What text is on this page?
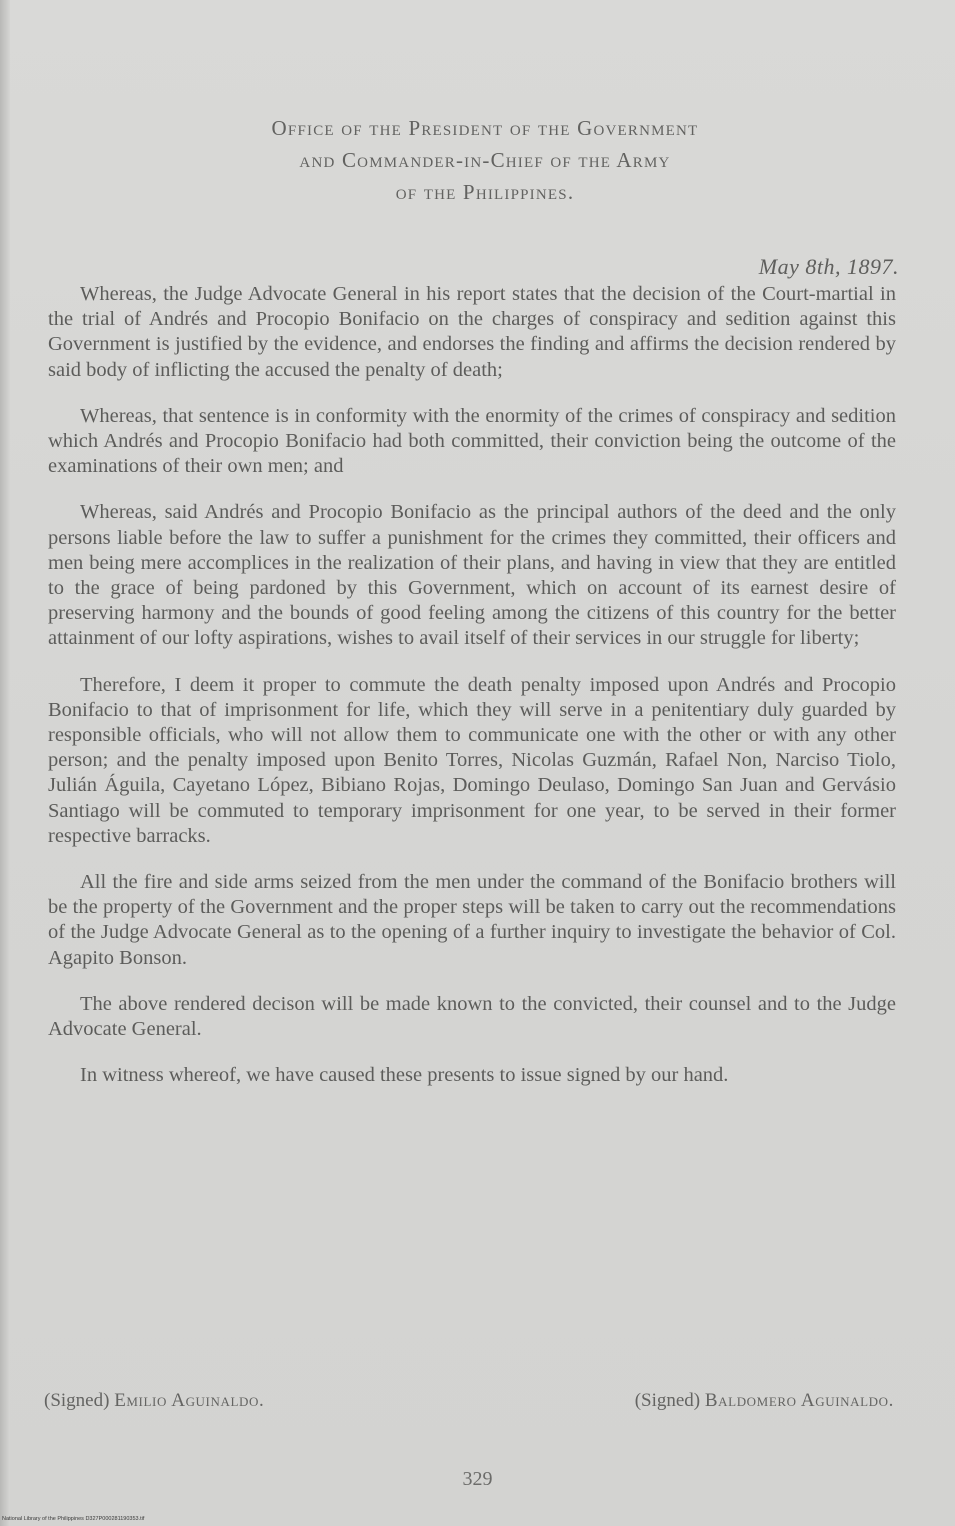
Office of the President of the Government
and Commander-in-Chief of the Army
of the Philippines.
May 8th, 1897.

Whereas, the Judge Advocate General in his report states that the decision of the Court-martial in the trial of Andrés and Procopio Bonifacio on the charges of conspiracy and sedition against this Government is justified by the evidence, and endorses the finding and affirms the decision rendered by said body of inflicting the accused the penalty of death;

Whereas, that sentence is in conformity with the enormity of the crimes of conspiracy and sedition which Andrés and Procopio Bonifacio had both committed, their conviction being the outcome of the examinations of their own men; and

Whereas, said Andrés and Procopio Bonifacio as the principal authors of the deed and the only persons liable before the law to suffer a punishment for the crimes they committed, their officers and men being mere accomplices in the realization of their plans, and having in view that they are entitled to the grace of being pardoned by this Government, which on account of its earnest desire of preserving harmony and the bounds of good feeling among the citizens of this country for the better attainment of our lofty aspirations, wishes to avail itself of their services in our struggle for liberty;

Therefore, I deem it proper to commute the death penalty imposed upon Andrés and Procopio Bonifacio to that of imprisonment for life, which they will serve in a penitentiary duly guarded by responsible officials, who will not allow them to communicate one with the other or with any other person; and the penalty imposed upon Benito Torres, Nicolas Guzmán, Rafael Non, Narciso Tiolo, Julián Águila, Cayetano López, Bibiano Rojas, Domingo Deulaso, Domingo San Juan and Gervásio Santiago will be commuted to temporary imprisonment for one year, to be served in their former respective barracks.

All the fire and side arms seized from the men under the command of the Bonifacio brothers will be the property of the Government and the proper steps will be taken to carry out the recommendations of the Judge Advocate General as to the opening of a further inquiry to investigate the behavior of Col. Agapito Bonson.

The above rendered decison will be made known to the convicted, their counsel and to the Judge Advocate General.

In witness whereof, we have caused these presents to issue signed by our hand.

(Signed) Emilio Aguinaldo.	(Signed) Baldomero Aguinaldo.
329
National Library of the Philippines D327P000281190353.tif
